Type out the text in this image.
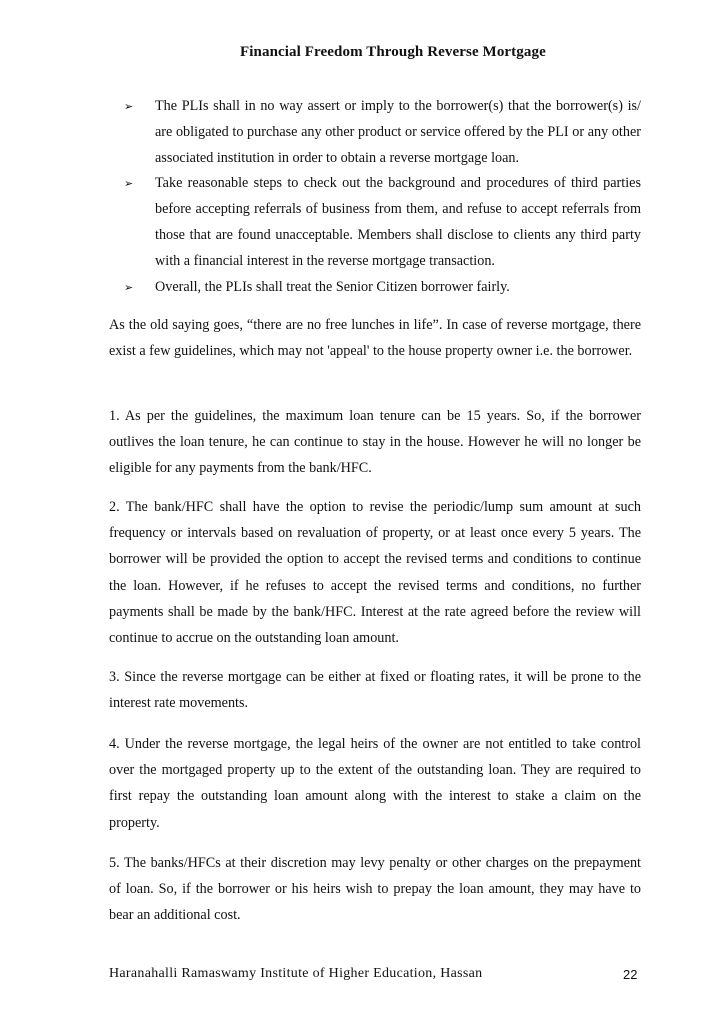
Financial Freedom Through Reverse Mortgage
➢ The PLIs shall in no way assert or imply to the borrower(s) that the borrower(s) is/ are obligated to purchase any other product or service offered by the PLI or any other associated institution in order to obtain a reverse mortgage loan.
➢ Take reasonable steps to check out the background and procedures of third parties before accepting referrals of business from them, and refuse to accept referrals from those that are found unacceptable. Members shall disclose to clients any third party with a financial interest in the reverse mortgage transaction.
➢ Overall, the PLIs shall treat the Senior Citizen borrower fairly.

As the old saying goes, “there are no free lunches in life”. In case of reverse mortgage, there exist a few guidelines, which may not 'appeal' to the house property owner i.e. the borrower.

1. As per the guidelines, the maximum loan tenure can be 15 years. So, if the borrower outlives the loan tenure, he can continue to stay in the house. However he will no longer be eligible for any payments from the bank/HFC.

2. The bank/HFC shall have the option to revise the periodic/lump sum amount at such frequency or intervals based on revaluation of property, or at least once every 5 years. The borrower will be provided the option to accept the revised terms and conditions to continue the loan. However, if he refuses to accept the revised terms and conditions, no further payments shall be made by the bank/HFC. Interest at the rate agreed before the review will continue to accrue on the outstanding loan amount.

3. Since the reverse mortgage can be either at fixed or floating rates, it will be prone to the interest rate movements.

4. Under the reverse mortgage, the legal heirs of the owner are not entitled to take control over the mortgaged property up to the extent of the outstanding loan. They are required to first repay the outstanding loan amount along with the interest to stake a claim on the property.

5. The banks/HFCs at their discretion may levy penalty or other charges on the prepayment of loan. So, if the borrower or his heirs wish to prepay the loan amount, they may have to bear an additional cost.

Haranahalli Ramaswamy Institute of Higher Education, Hassan	22
